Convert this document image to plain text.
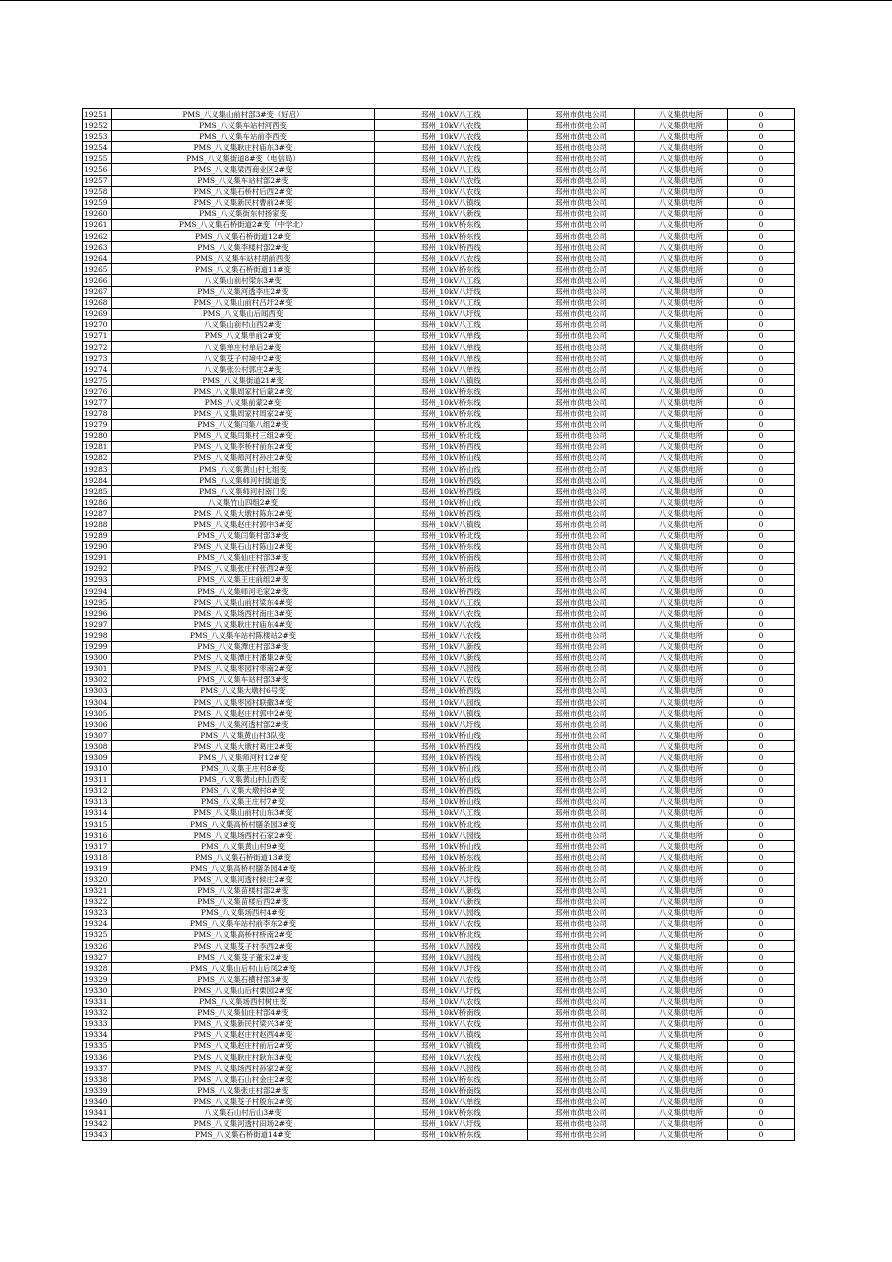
19251	PMS_八义集山前村部3#变（好启）	邳州_10kV八工线	邳州市供电公司	八义集供电所	0
19252	PMS_八义集车站村河西变	邳州_10kV八农线	邳州市供电公司	八义集供电所	0
19253	PMS_八义集车站前李西变	邳州_10kV八农线	邳州市供电公司	八义集供电所	0
19254	PMS_八义集耿庄村庙东3#变	邳州_10kV八农线	邳州市供电公司	八义集供电所	0
19255	PMS_八义集街道8#变（电信局）	邳州_10kV八农线	邳州市供电公司	八义集供电所	0
19256	PMS_八义集梁西商业区2#变	邳州_10kV八工线	邳州市供电公司	八义集供电所	0
19257	PMS_八义集车站村部2#变	邳州_10kV八农线	邳州市供电公司	八义集供电所	0
19258	PMS_八义集石桥村后西2#变	邳州_10kV八农线	邳州市供电公司	八义集供电所	0
19259	PMS_八义集新民村曹前2#变	邳州_10kV八镇线	邳州市供电公司	八义集供电所	0
19260	PMS_八义集街东村扬家变	邳州_10kV八新线	邳州市供电公司	八义集供电所	0
19261	PMS_八义集石桥街道2#变（中学北）	邳州_10kV桥东线	邳州市供电公司	八义集供电所	0
19262	PMS_八义集石桥街道12#变	邳州_10kV桥东线	邳州市供电公司	八义集供电所	0
19263	PMS_八义集李楼村部2#变	邳州_10kV桥西线	邳州市供电公司	八义集供电所	0
19264	PMS_八义集车站村胡前西变	邳州_10kV八农线	邳州市供电公司	八义集供电所	0
19265	PMS_八义集石桥街道11#变	邳州_10kV桥东线	邳州市供电公司	八义集供电所	0
19266	八义集山前村梁东3#变	邳州_10kV八工线	邳州市供电公司	八义集供电所	0
19267	PMS_八义集河透李庄2#变	邳州_10kV八圩线	邳州市供电公司	八义集供电所	0
19268	PMS_八义集山前村吕圩2#变	邳州_10kV八工线	邳州市供电公司	八义集供电所	0
19269	PMS_八义集山后闻西变	邳州_10kV八圩线	邳州市供电公司	八义集供电所	0
19270	八义集山前村山西2#变	邳州_10kV八工线	邳州市供电公司	八义集供电所	0
19271	PMS_八义集单前2#变	邳州_10kV八单线	邳州市供电公司	八义集供电所	0
19272	八义集单庄村单后2#变	邳州_10kV八单线	邳州市供电公司	八义集供电所	0
19273	八义集芟子村境中2#变	邳州_10kV八单线	邳州市供电公司	八义集供电所	0
19274	八义集张公村郭庄2#变	邳州_10kV八单线	邳州市供电公司	八义集供电所	0
19275	PMS_八义集街道21#变	邳州_10kV八镇线	邳州市供电公司	八义集供电所	0
19276	PMS_八义集周家村后蒙2#变	邳州_10kV桥东线	邳州市供电公司	八义集供电所	0
19277	PMS_八义集前蒙2#变	邳州_10kV桥东线	邳州市供电公司	八义集供电所	0
19278	PMS_八义集周家村周家2#变	邳州_10kV桥东线	邳州市供电公司	八义集供电所	0
19279	PMS_八义集闫集八组2#变	邳州_10kV桥北线	邳州市供电公司	八义集供电所	0
19280	PMS_八义集闫集村三组2#变	邳州_10kV桥北线	邳州市供电公司	八义集供电所	0
19281	PMS_八义集李桥村前东2#变	邳州_10kV桥西线	邳州市供电公司	八义集供电所	0
19282	PMS_八义集师河村孙庄2#变	邳州_10kV桥山线	邳州市供电公司	八义集供电所	0
19283	PMS_八义集黄山村七组变	邳州_10kV桥山线	邳州市供电公司	八义集供电所	0
19284	PMS_八义集师河村街道变	邳州_10kV桥西线	邳州市供电公司	八义集供电所	0
19285	PMS_八义集师河村南门变	邳州_10kV桥西线	邳州市供电公司	八义集供电所	0
19286	八义集竹山四组2#变	邳州_10kV桥山线	邳州市供电公司	八义集供电所	0
19287	PMS_八义集大墩村陈东2#变	邳州_10kV桥西线	邳州市供电公司	八义集供电所	0
19288	PMS_八义集赵庄村郭中3#变	邳州_10kV八镇线	邳州市供电公司	八义集供电所	0
19289	PMS_八义集闫集村部3#变	邳州_10kV桥北线	邳州市供电公司	八义集供电所	0
19290	PMS_八义集石山村陈山2#变	邳州_10kV桥东线	邳州市供电公司	八义集供电所	0
19291	PMS_八义集仙庄村部3#变	邳州_10kV桥南线	邳州市供电公司	八义集供电所	0
19292	PMS_八义集张庄村张西2#变	邳州_10kV桥南线	邳州市供电公司	八义集供电所	0
19293	PMS_八义集王庄前组2#变	邳州_10kV桥北线	邳州市供电公司	八义集供电所	0
19294	PMS_八义集师河毛家2#变	邳州_10kV桥西线	邳州市供电公司	八义集供电所	0
19295	PMS_八义集山前村梁东4#变	邳州_10kV八工线	邳州市供电公司	八义集供电所	0
19296	PMS_八义集场西村南庄3#变	邳州_10kV八农线	邳州市供电公司	八义集供电所	0
19297	PMS_八义集耿庄村庙东4#变	邳州_10kV八农线	邳州市供电公司	八义集供电所	0
19298	PMS_八义集车站村陈楼站2#变	邳州_10kV八农线	邳州市供电公司	八义集供电所	0
19299	PMS_八义集潭庄村部3#变	邳州_10kV八新线	邳州市供电公司	八义集供电所	0
19300	PMS_八义集潭庄村潘集2#变	邳州_10kV八新线	邳州市供电公司	八义集供电所	0
19301	PMS_八义集枣园村枣南2#变	邳州_10kV八园线	邳州市供电公司	八义集供电所	0
19302	PMS_八义集车站村部3#变	邳州_10kV八农线	邳州市供电公司	八义集供电所	0
19303	PMS_八义集大墩村6号变	邳州_10kV桥西线	邳州市供电公司	八义集供电所	0
19304	PMS_八义集枣园村联撒3#变	邳州_10kV八园线	邳州市供电公司	八义集供电所	0
19305	PMS_八义集赵庄村郭中2#变	邳州_10kV八镇线	邳州市供电公司	八义集供电所	0
19306	PMS_八义集河透村部2#变	邳州_10kV八圩线	邳州市供电公司	八义集供电所	0
19307	PMS_八义集黄山村3队变	邳州_10kV桥山线	邳州市供电公司	八义集供电所	0
19308	PMS_八义集大墩村葛庄2#变	邳州_10kV桥西线	邳州市供电公司	八义集供电所	0
19309	PMS_八义集师河村12#变	邳州_10kV桥西线	邳州市供电公司	八义集供电所	0
19310	PMS_八义集王庄村8#变	邳州_10kV桥山线	邳州市供电公司	八义集供电所	0
19311	PMS_八义集黄山村山西变	邳州_10kV桥山线	邳州市供电公司	八义集供电所	0
19312	PMS_八义集大墩村8#变	邳州_10kV桥西线	邳州市供电公司	八义集供电所	0
19313	PMS_八义集王庄村7#变	邳州_10kV桥山线	邳州市供电公司	八义集供电所	0
19314	PMS_八义集山前村山东3#变	邳州_10kV八工线	邳州市供电公司	八义集供电所	0
19315	PMS_八义集高桥村膳条园3#变	邳州_10kV桥北线	邳州市供电公司	八义集供电所	0
19316	PMS_八义集场西村石家2#变	邳州_10kV八园线	邳州市供电公司	八义集供电所	0
19317	PMS_八义集黄山村9#变	邳州_10kV桥山线	邳州市供电公司	八义集供电所	0
19318	PMS_八义集石桥街道13#变	邳州_10kV桥东线	邳州市供电公司	八义集供电所	0
19319	PMS_八义集高桥村膳条园4#变	邳州_10kV桥北线	邳州市供电公司	八义集供电所	0
19320	PMS_八义集河透村候庄2#变	邳州_10kV八圩线	邳州市供电公司	八义集供电所	0
19321	PMS_八义集苗楼村部2#变	邳州_10kV八新线	邳州市供电公司	八义集供电所	0
19322	PMS_八义集苗楼后西2#变	邳州_10kV八新线	邳州市供电公司	八义集供电所	0
19323	PMS_八义集场西村4#变	邳州_10kV八园线	邳州市供电公司	八义集供电所	0
19324	PMS_八义集车站村前李东2#变	邳州_10kV八农线	邳州市供电公司	八义集供电所	0
19325	PMS_八义集高桥村桥南2#变	邳州_10kV桥北线	邳州市供电公司	八义集供电所	0
19326	PMS_八义集芟子村李西2#变	邳州_10kV八园线	邳州市供电公司	八义集供电所	0
19327	PMS_八义集芟子董宋2#变	邳州_10kV八园线	邳州市供电公司	八义集供电所	0
19328	PMS_八义集山后村山后凤2#变	邳州_10kV八圩线	邳州市供电公司	八义集供电所	0
19329	PMS_八义集石横村部3#变	邳州_10kV八农线	邳州市供电公司	八义集供电所	0
19330	PMS_八义集山后村栗园2#变	邳州_10kV八圩线	邳州市供电公司	八义集供电所	0
19331	PMS_八义集场西村树庄变	邳州_10kV八农线	邳州市供电公司	八义集供电所	0
19332	PMS_八义集仙庄村部4#变	邳州_10kV桥南线	邳州市供电公司	八义集供电所	0
19333	PMS_八义集新民村梁兴3#变	邳州_10kV八农线	邳州市供电公司	八义集供电所	0
19334	PMS_八义集赵庄村赵西4#变	邳州_10kV八镇线	邳州市供电公司	八义集供电所	0
19335	PMS_八义集赵庄村前后2#变	邳州_10kV八镇线	邳州市供电公司	八义集供电所	0
19336	PMS_八义集耿庄村耿东3#变	邳州_10kV八农线	邳州市供电公司	八义集供电所	0
19337	PMS_八义集场西村孙家2#变	邳州_10kV八园线	邳州市供电公司	八义集供电所	0
19338	PMS_八义集石山村金庄2#变	邳州_10kV桥东线	邳州市供电公司	八义集供电所	0
19339	PMS_八义集张庄村部2#变	邳州_10kV桥南线	邳州市供电公司	八义集供电所	0
19340	PMS_八义集芟子村殷东2#变	邳州_10kV八单线	邳州市供电公司	八义集供电所	0
19341	八义集石山村后山3#变	邳州_10kV桥东线	邳州市供电公司	八义集供电所	0
19342	PMS_八义集河透村田场2#变	邳州_10kV八圩线	邳州市供电公司	八义集供电所	0
19343	PMS_八义集石桥街道14#变	邳州_10kV桥东线	邳州市供电公司	八义集供电所	0
